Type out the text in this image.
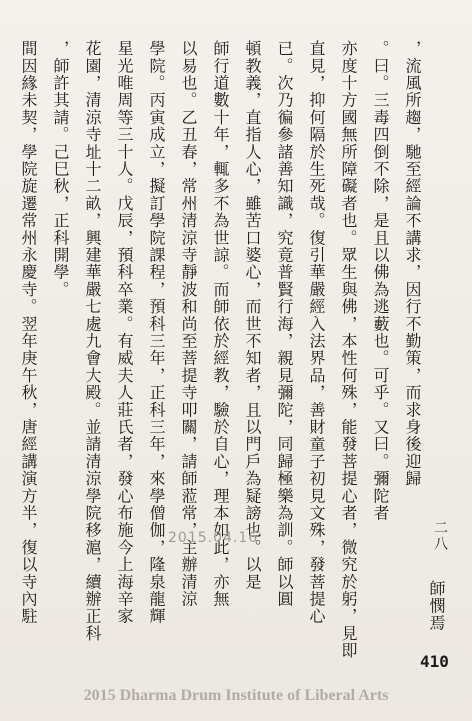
間因緣未契，學院旋遷常州永慶寺。翌年庚午秋，唐經講演方半，復以寺內駐 ，師許其請。己巳秋，正科開學。 花園，清涼寺址十二畝，興建華嚴七處九會大殿。並請清涼學院移滬，續辦正科 星光唯周等三十人。戊辰，預科卒業。有威夫人莊氏者，發心布施今上海辛家 學院。丙寅成立，擬訂學院課程，預科三年，正科三年，來學僧伽，隆泉龍輝 以易也。乙丑春，常州清涼寺靜波和尚至菩提寺叩關，請師蒞常，主辦清涼 師行道數十年，輒多不為世諒。而師依於經教，驗於自心，理本如此，亦無 頓教義，直指人心，雖苦口婆心，而世不知者，且以門戶為疑謗也。以是 已。次乃徧參諸善知識，究竟普賢行海，親見彌陀，同歸極樂為訓。師以圓 直見，抑何隔於生死哉。復引華嚴經入法界品，善財童子初見文殊，發菩提心 亦度十方國無所障礙者也。眾生與佛，本性何殊，能發菩提心者，微究於躬，見即 。曰。三毒四倒不除，是且以佛為逃藪也。可乎。又曰。彌陀者 ，流風所趨，馳至經論不講求，因行不勤策，而求身後迎歸
師憫焉
二八
2015.04.16
410
2015 Dharma Drum Institute of Liberal Arts
